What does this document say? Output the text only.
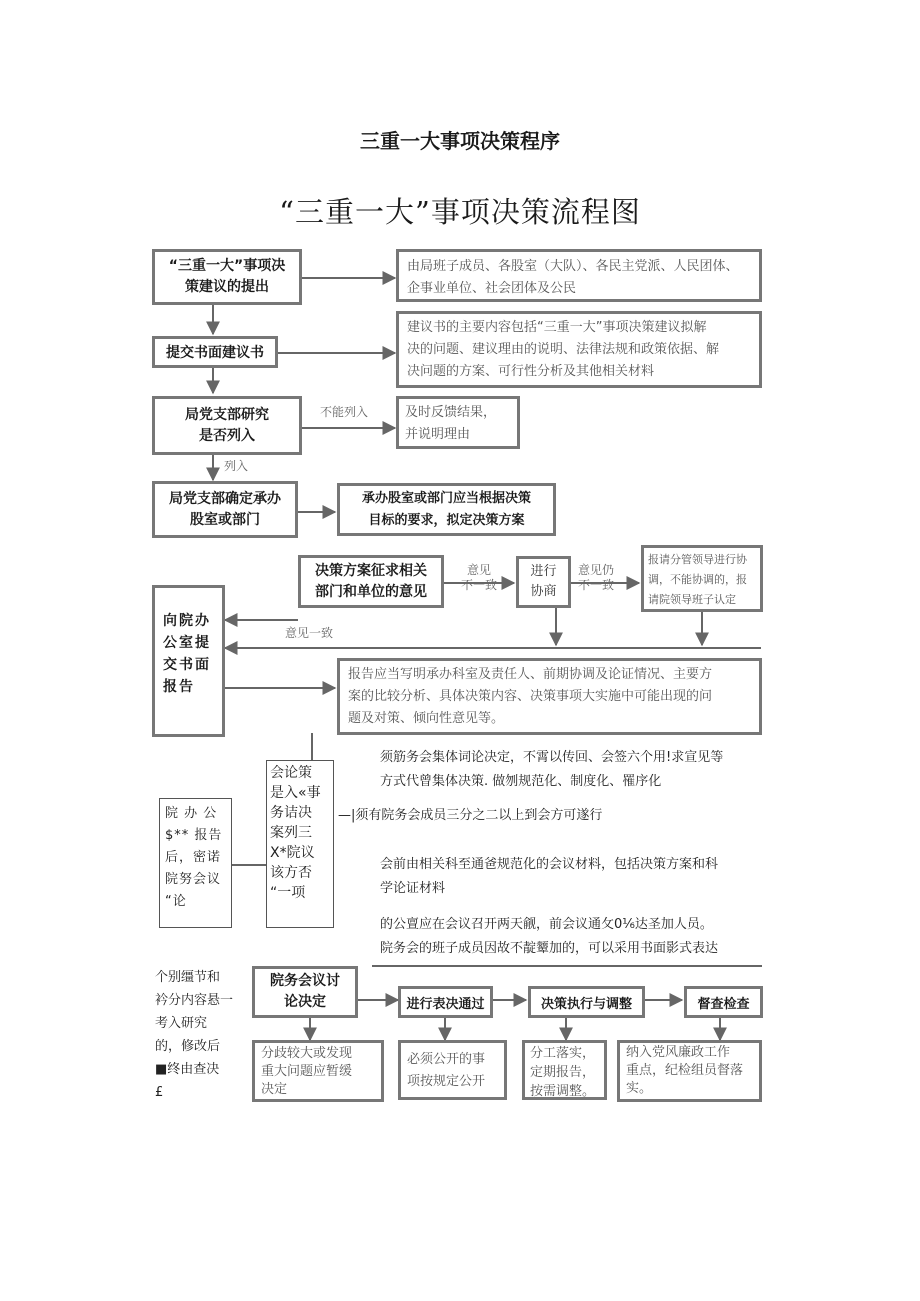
三重一大事项决策程序
“三重一大”事项决策流程图
“三重一大”事项决
策建议的提出
由局班子成员、各股室（大队）、各民主党派、人民团体、
企事业单位、社会团体及公民
提交书面建议书
建议书的主要内容包括“三重一大”事项决策建议拟解
决的问题、建议理由的说明、法律法规和政策依据、解
决问题的方案、可行性分析及其他相关材料
局党支部研究
是否列入
不能列入	及时反馈结果，
并说明理由
列入
局党支部确定承办
股室或部门
承办股室或部门应当根据决策
目标的要求，拟定决策方案
决策方案征求相关
部门和单位的意见
意见
不一致
进行
协商
意见仍
不一致
报请分管领导进行协
调，不能协调的，报
请院领导班子认定
意见一致
向院办
公室提
交书面
报告
报告应当写明承办科室及责任人、前期协调及论证情况、主要方
案的比较分析、具体决策内容、决策事项大实施中可能出现的问
题及对策、倾向性意见等。
院 办 公
$** 报告
后，密诺
院努会议
“论
会论策
是入«事
务诘决
案列三
X*院议
该方否
“一项
须筋务会集体词论决定，不霄以传回、会签六个用!求宣见等
方式代曾集体决策. 做刎规范化、制度化、罹序化
—|须有院务会成员三分之二以上到会方可遂行
会前由相关科至通爸规范化的会议材料，包括决策方案和科
学论证材料
的公亶应在会议召开两天觎，前会议通攵0⅙达圣加人员。
院务会的班子成员因故不靛颦加的，可以采用书面影式表达
个别缰节和
衿分内容悬一
考入研究
的，修改后
■终由查决
£
院务会议讨
论决定	进行表决通过	决策执行与调整	督查检查
分歧较大或发现
重大问题应暂缓
决定
必须公开的事
项按规定公开
分工落实，
定期报告，
按需调整。
纳入党风廉政工作
重点，纪检组员督落
实。
